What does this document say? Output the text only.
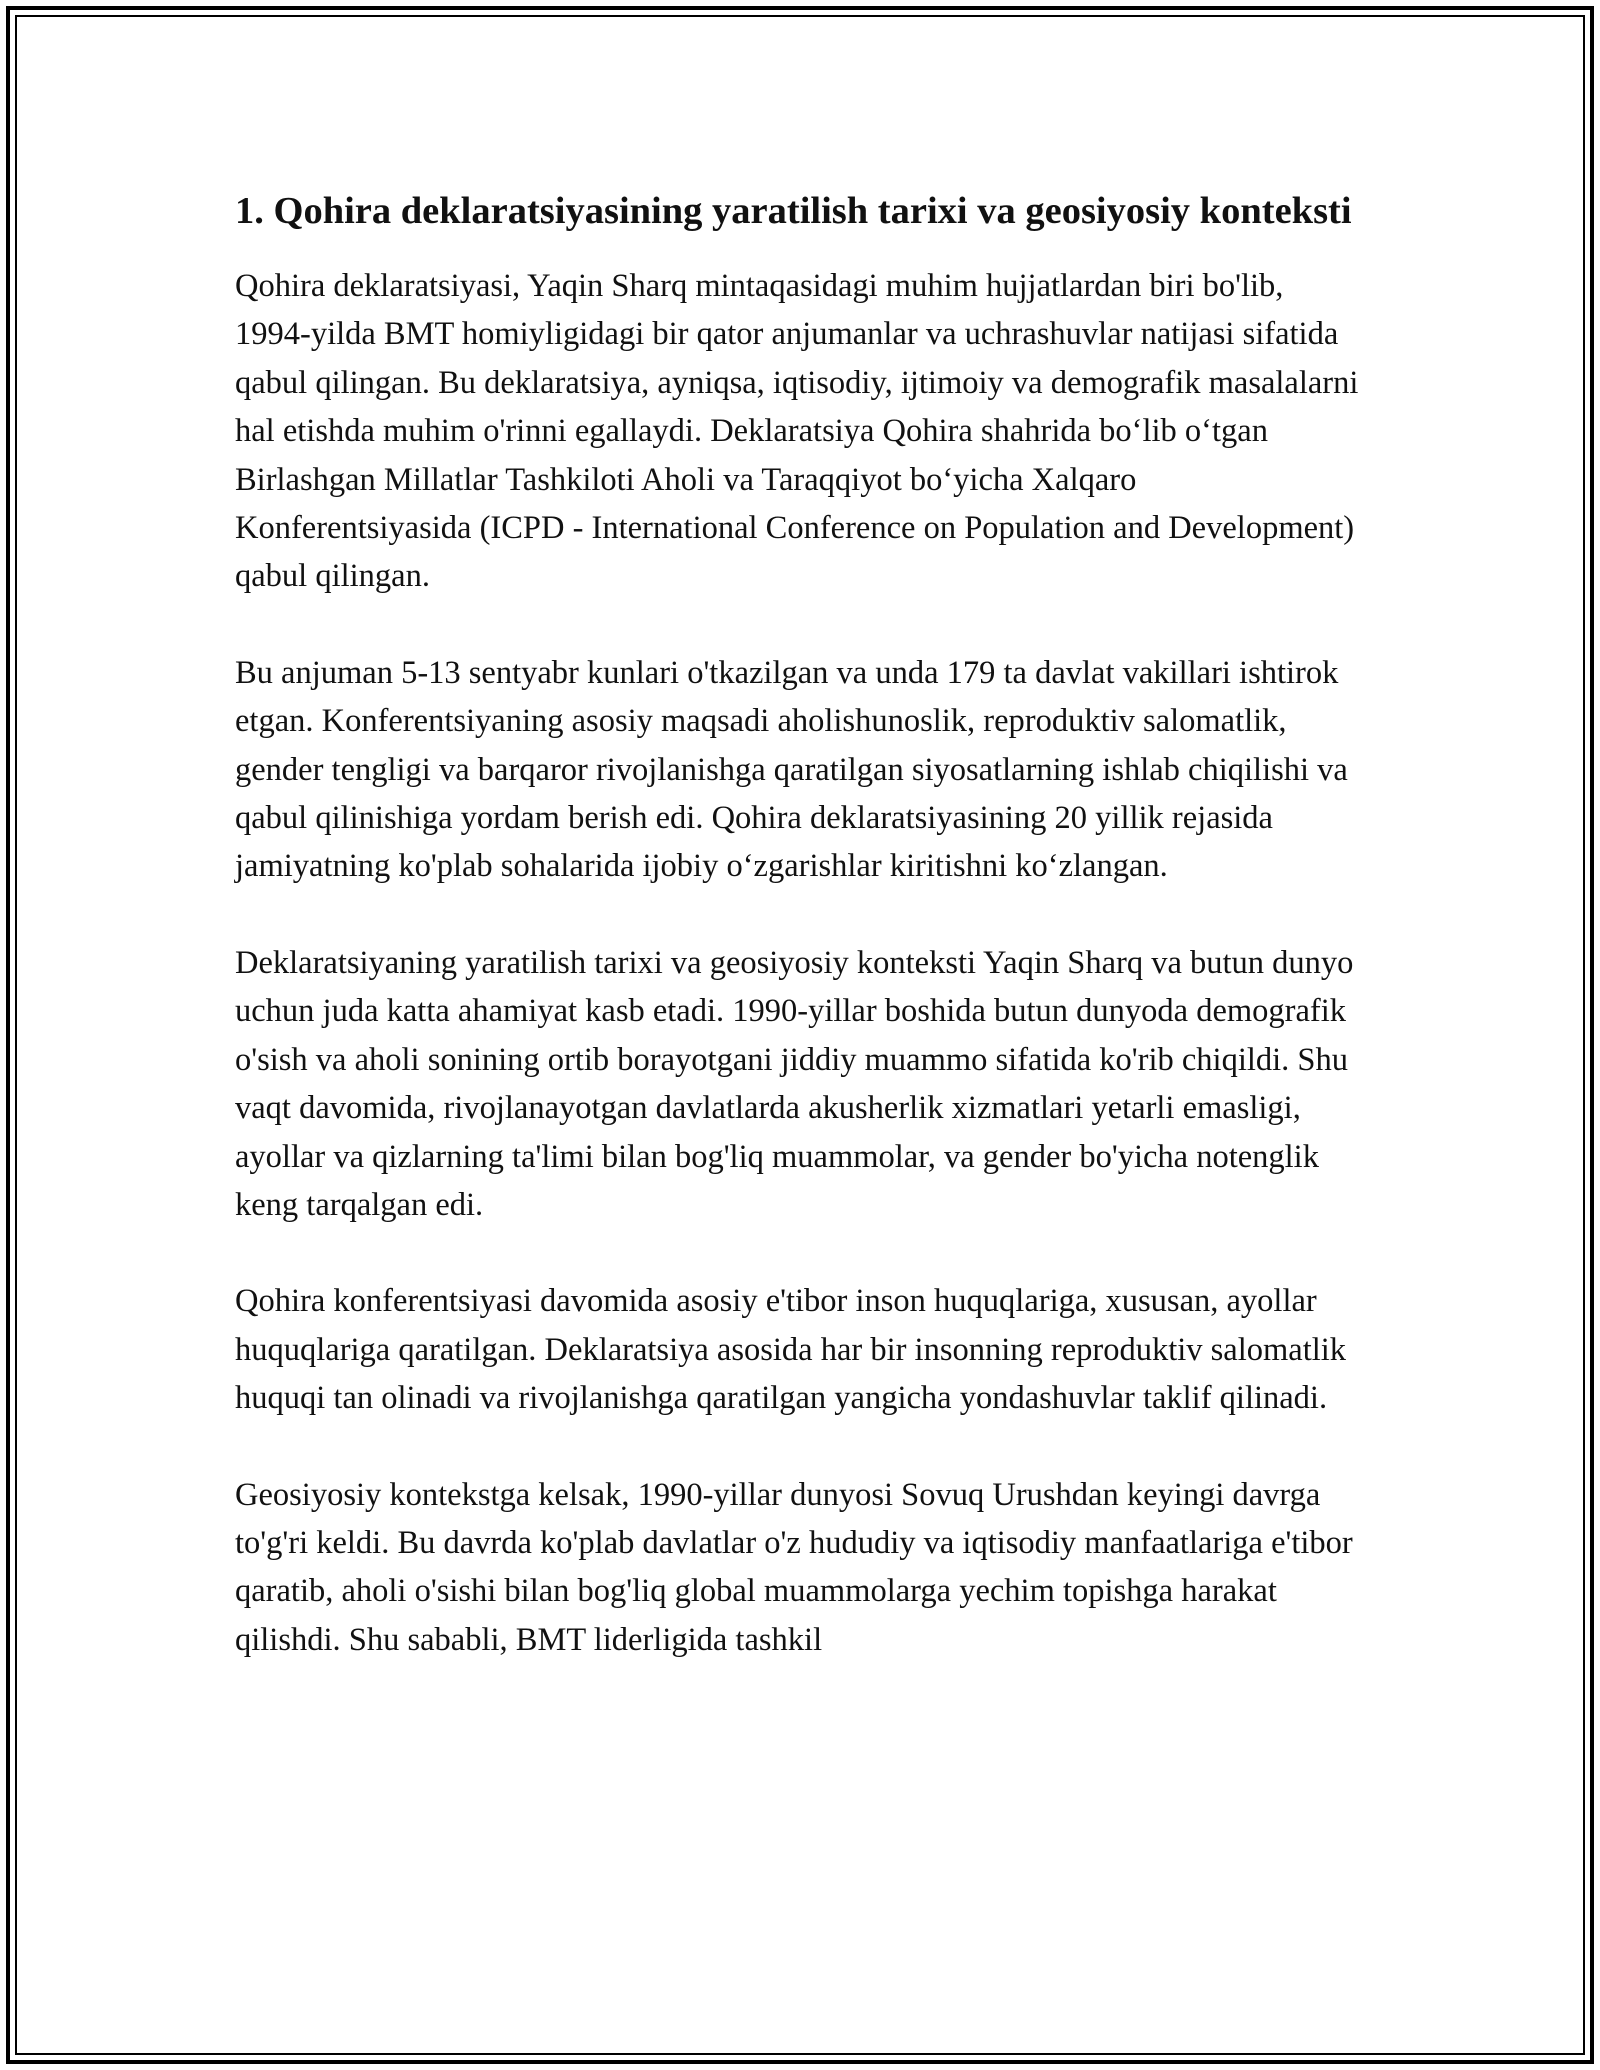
1. Qohira deklaratsiyasining yaratilish tarixi va geosiyosiy konteksti

Qohira deklaratsiyasi, Yaqin Sharq mintaqasidagi muhim hujjatlardan biri bo'lib, 1994-yilda BMT homiyligidagi bir qator anjumanlar va uchrashuvlar natijasi sifatida qabul qilingan. Bu deklaratsiya, ayniqsa, iqtisodiy, ijtimoiy va demografik masalalarni hal etishda muhim o'rinni egallaydi. Deklaratsiya Qohira shahrida boʻlib oʻtgan Birlashgan Millatlar Tashkiloti Aholi va Taraqqiyot boʻyicha Xalqaro Konferentsiyasida (ICPD - International Conference on Population and Development) qabul qilingan.

Bu anjuman 5-13 sentyabr kunlari o'tkazilgan va unda 179 ta davlat vakillari ishtirok etgan. Konferentsiyaning asosiy maqsadi aholishunoslik, reproduktiv salomatlik, gender tengligi va barqaror rivojlanishga qaratilgan siyosatlarning ishlab chiqilishi va qabul qilinishiga yordam berish edi. Qohira deklaratsiyasining 20 yillik rejasida jamiyatning ko'plab sohalarida ijobiy oʻzgarishlar kiritishni koʻzlangan.

Deklaratsiyaning yaratilish tarixi va geosiyosiy konteksti Yaqin Sharq va butun dunyo uchun juda katta ahamiyat kasb etadi. 1990-yillar boshida butun dunyoda demografik o'sish va aholi sonining ortib borayotgani jiddiy muammo sifatida ko'rib chiqildi. Shu vaqt davomida, rivojlanayotgan davlatlarda akusherlik xizmatlari yetarli emasligi, ayollar va qizlarning ta'limi bilan bog'liq muammolar, va gender bo'yicha notenglik keng tarqalgan edi.

Qohira konferentsiyasi davomida asosiy e'tibor inson huquqlariga, xususan, ayollar huquqlariga qaratilgan. Deklaratsiya asosida har bir insonning reproduktiv salomatlik huquqi tan olinadi va rivojlanishga qaratilgan yangicha yondashuvlar taklif qilinadi.

Geosiyosiy kontekstga kelsak, 1990-yillar dunyosi Sovuq Urushdan keyingi davrga to'g'ri keldi. Bu davrda ko'plab davlatlar o'z hududiy va iqtisodiy manfaatlariga e'tibor qaratib, aholi o'sishi bilan bog'liq global muammolarga yechim topishga harakat qilishdi. Shu sababli, BMT liderligida tashkil
